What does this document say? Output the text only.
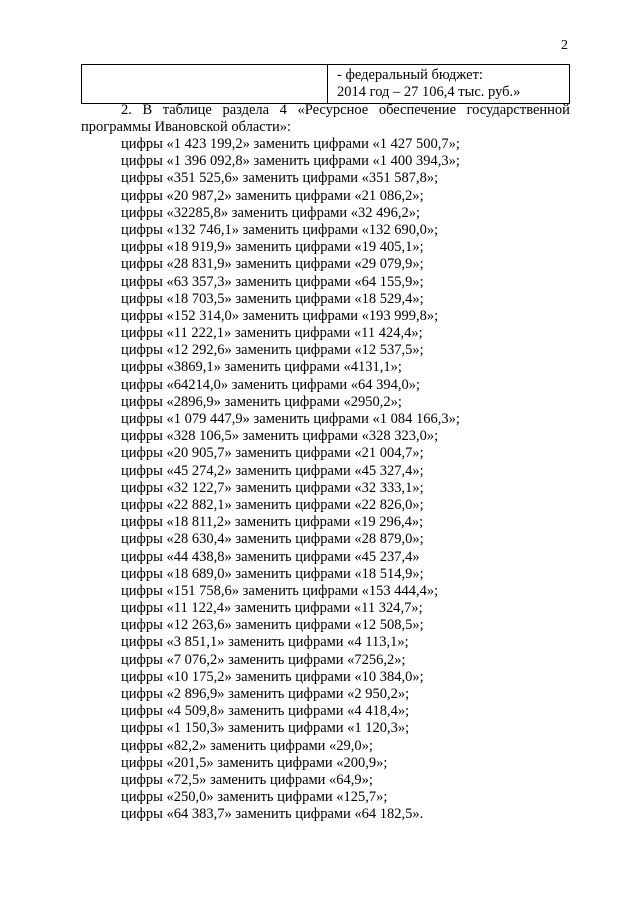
2

- федеральный бюджет:
2014 год – 27 106,4 тыс. руб.»
2. В таблице раздела 4 «Ресурсное обеспечение государственной
программы Ивановской области»:
цифры «1 423 199,2» заменить цифрами «1 427 500,7»;
цифры «1 396 092,8» заменить цифрами «1 400 394,3»;
цифры «351 525,6» заменить цифрами «351 587,8»;
цифры «20 987,2» заменить цифрами «21 086,2»;
цифры «32285,8» заменить цифрами «32 496,2»;
цифры «132 746,1» заменить цифрами «132 690,0»;
цифры «18 919,9» заменить цифрами «19 405,1»;
цифры «28 831,9» заменить цифрами «29 079,9»;
цифры «63 357,3» заменить цифрами «64 155,9»;
цифры «18 703,5» заменить цифрами «18 529,4»;
цифры «152 314,0» заменить цифрами «193 999,8»;
цифры «11 222,1» заменить цифрами «11 424,4»;
цифры «12 292,6» заменить цифрами «12 537,5»;
цифры «3869,1» заменить цифрами «4131,1»;
цифры «64214,0» заменить цифрами «64 394,0»;
цифры «2896,9» заменить цифрами «2950,2»;
цифры «1 079 447,9» заменить цифрами «1 084 166,3»;
цифры «328 106,5» заменить цифрами «328 323,0»;
цифры «20 905,7» заменить цифрами «21 004,7»;
цифры «45 274,2» заменить цифрами «45 327,4»;
цифры «32 122,7» заменить цифрами «32 333,1»;
цифры «22 882,1» заменить цифрами «22 826,0»;
цифры «18 811,2» заменить цифрами «19 296,4»;
цифры «28 630,4» заменить цифрами «28 879,0»;
цифры «44 438,8» заменить цифрами «45 237,4»
цифры «18 689,0» заменить цифрами «18 514,9»;
цифры «151 758,6» заменить цифрами «153 444,4»;
цифры «11 122,4» заменить цифрами «11 324,7»;
цифры «12 263,6» заменить цифрами «12 508,5»;
цифры «3 851,1» заменить цифрами «4 113,1»;
цифры «7 076,2» заменить цифрами «7256,2»;
цифры «10 175,2» заменить цифрами «10 384,0»;
цифры «2 896,9» заменить цифрами «2 950,2»;
цифры «4 509,8» заменить цифрами «4 418,4»;
цифры «1 150,3» заменить цифрами «1 120,3»;
цифры «82,2» заменить цифрами «29,0»;
цифры «201,5» заменить цифрами «200,9»;
цифры «72,5» заменить цифрами «64,9»;
цифры «250,0» заменить цифрами «125,7»;
цифры «64 383,7» заменить цифрами «64 182,5».
